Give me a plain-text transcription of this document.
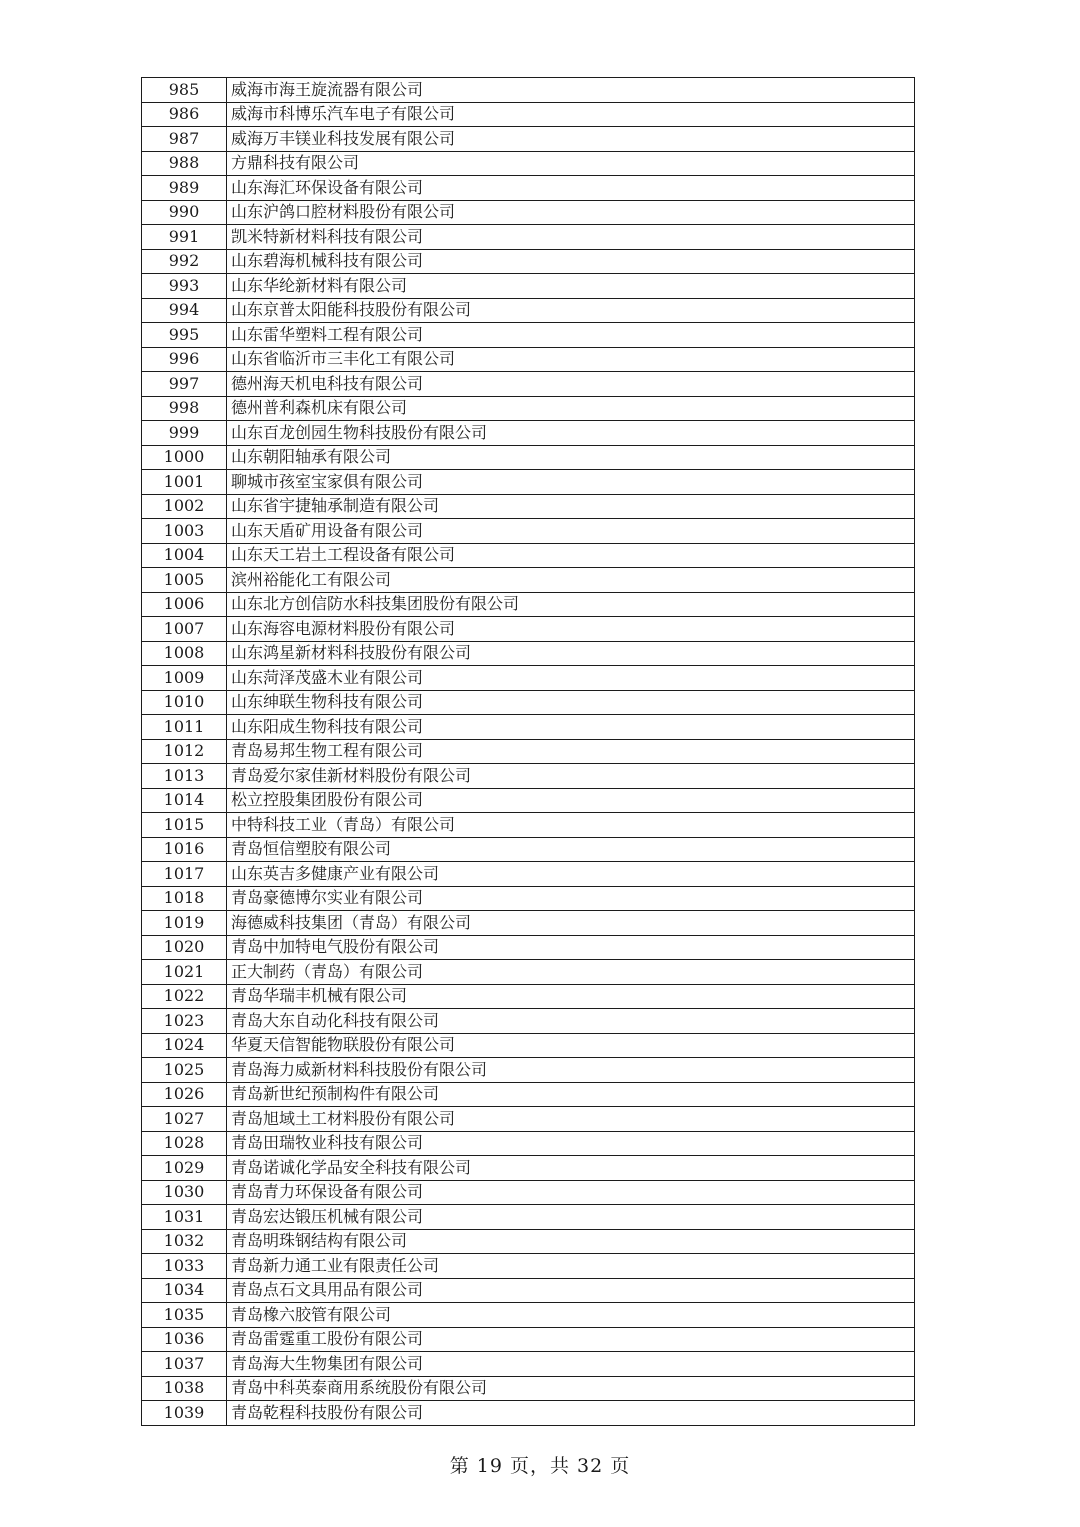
985	威海市海王旋流器有限公司
986	威海市科博乐汽车电子有限公司
987	威海万丰镁业科技发展有限公司
988	方鼎科技有限公司
989	山东海汇环保设备有限公司
990	山东沪鸽口腔材料股份有限公司
991	凯米特新材料科技有限公司
992	山东碧海机械科技有限公司
993	山东华纶新材料有限公司
994	山东京普太阳能科技股份有限公司
995	山东雷华塑料工程有限公司
996	山东省临沂市三丰化工有限公司
997	德州海天机电科技有限公司
998	德州普利森机床有限公司
999	山东百龙创园生物科技股份有限公司
1000	山东朝阳轴承有限公司
1001	聊城市孩室宝家俱有限公司
1002	山东省宇捷轴承制造有限公司
1003	山东天盾矿用设备有限公司
1004	山东天工岩土工程设备有限公司
1005	滨州裕能化工有限公司
1006	山东北方创信防水科技集团股份有限公司
1007	山东海容电源材料股份有限公司
1008	山东鸿星新材料科技股份有限公司
1009	山东菏泽茂盛木业有限公司
1010	山东绅联生物科技有限公司
1011	山东阳成生物科技有限公司
1012	青岛易邦生物工程有限公司
1013	青岛爱尔家佳新材料股份有限公司
1014	松立控股集团股份有限公司
1015	中特科技工业（青岛）有限公司
1016	青岛恒信塑胶有限公司
1017	山东英吉多健康产业有限公司
1018	青岛豪德博尔实业有限公司
1019	海德威科技集团（青岛）有限公司
1020	青岛中加特电气股份有限公司
1021	正大制药（青岛）有限公司
1022	青岛华瑞丰机械有限公司
1023	青岛大东自动化科技有限公司
1024	华夏天信智能物联股份有限公司
1025	青岛海力威新材料科技股份有限公司
1026	青岛新世纪预制构件有限公司
1027	青岛旭域土工材料股份有限公司
1028	青岛田瑞牧业科技有限公司
1029	青岛诺诚化学品安全科技有限公司
1030	青岛青力环保设备有限公司
1031	青岛宏达锻压机械有限公司
1032	青岛明珠钢结构有限公司
1033	青岛新力通工业有限责任公司
1034	青岛点石文具用品有限公司
1035	青岛橡六胶管有限公司
1036	青岛雷霆重工股份有限公司
1037	青岛海大生物集团有限公司
1038	青岛中科英泰商用系统股份有限公司
1039	青岛乾程科技股份有限公司
第 19 页，共 32 页
